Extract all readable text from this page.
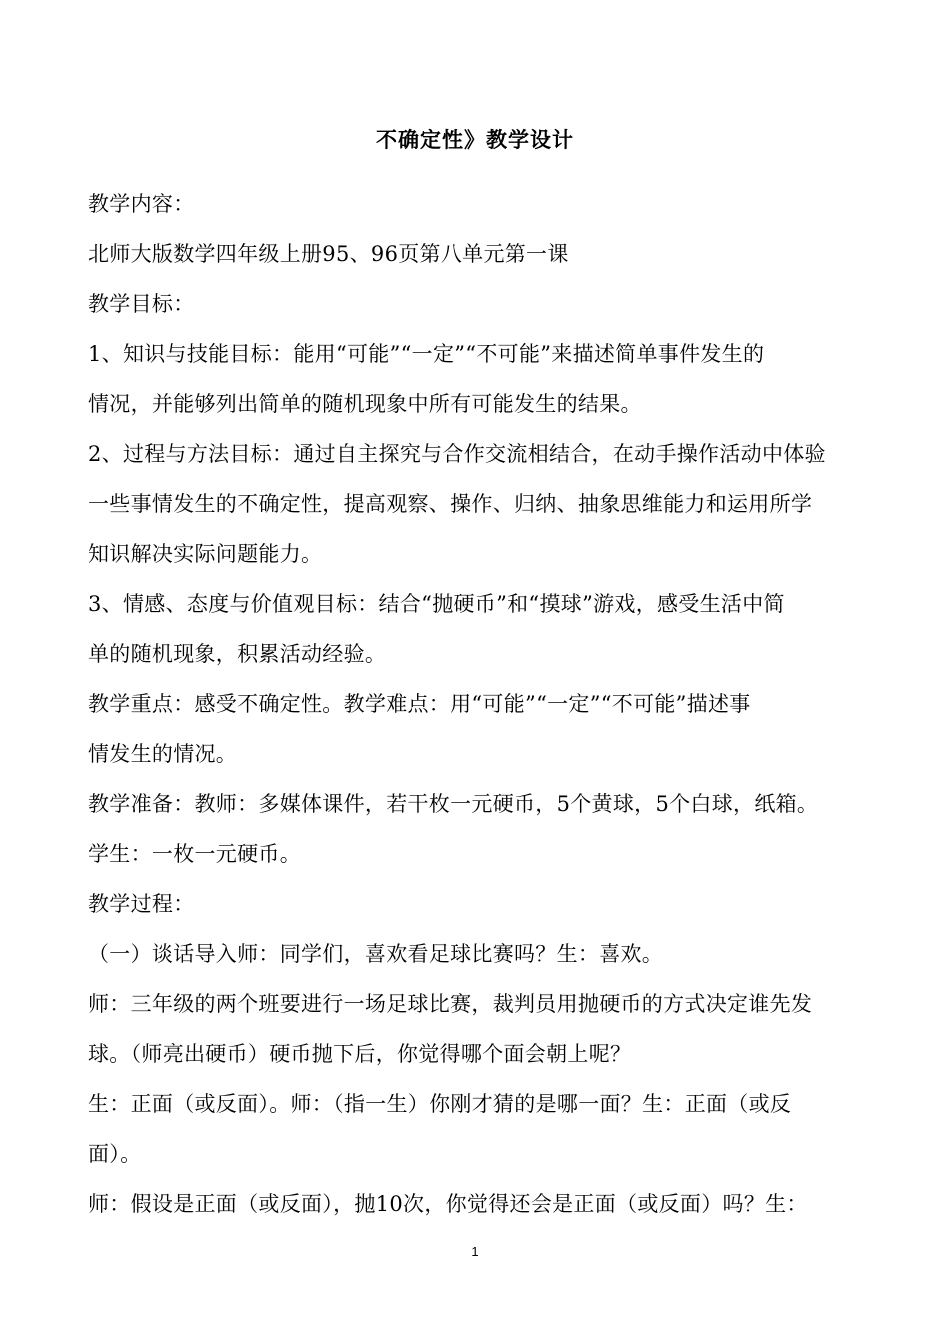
不确定性》教学设计
教学内容：
北师大版数学四年级上册95、96页第八单元第一课
教学目标：
1、知识与技能目标：能用“可能”“一定”“不可能”来描述简单事件发生的
情况，并能够列出简单的随机现象中所有可能发生的结果。
2、过程与方法目标：通过自主探究与合作交流相结合，在动手操作活动中体验
一些事情发生的不确定性，提高观察、操作、归纳、抽象思维能力和运用所学
知识解决实际问题能力。
3、情感、态度与价值观目标：结合“抛硬币”和“摸球”游戏，感受生活中简
单的随机现象，积累活动经验。
教学重点：感受不确定性。教学难点：用“可能”“一定”“不可能”描述事
情发生的情况。
教学准备：教师：多媒体课件，若干枚一元硬币，5个黄球，5个白球，纸箱。
学生：一枚一元硬币。
教学过程：
（一）谈话导入师：同学们，喜欢看足球比赛吗？生：喜欢。
师：三年级的两个班要进行一场足球比赛，裁判员用抛硬币的方式决定谁先发
球。（师亮出硬币）硬币抛下后，你觉得哪个面会朝上呢？
生：正面（或反面）。师：（指一生）你刚才猜的是哪一面？生：正面（或反
面）。
师：假设是正面（或反面），抛10次，你觉得还会是正面（或反面）吗？生：
1
